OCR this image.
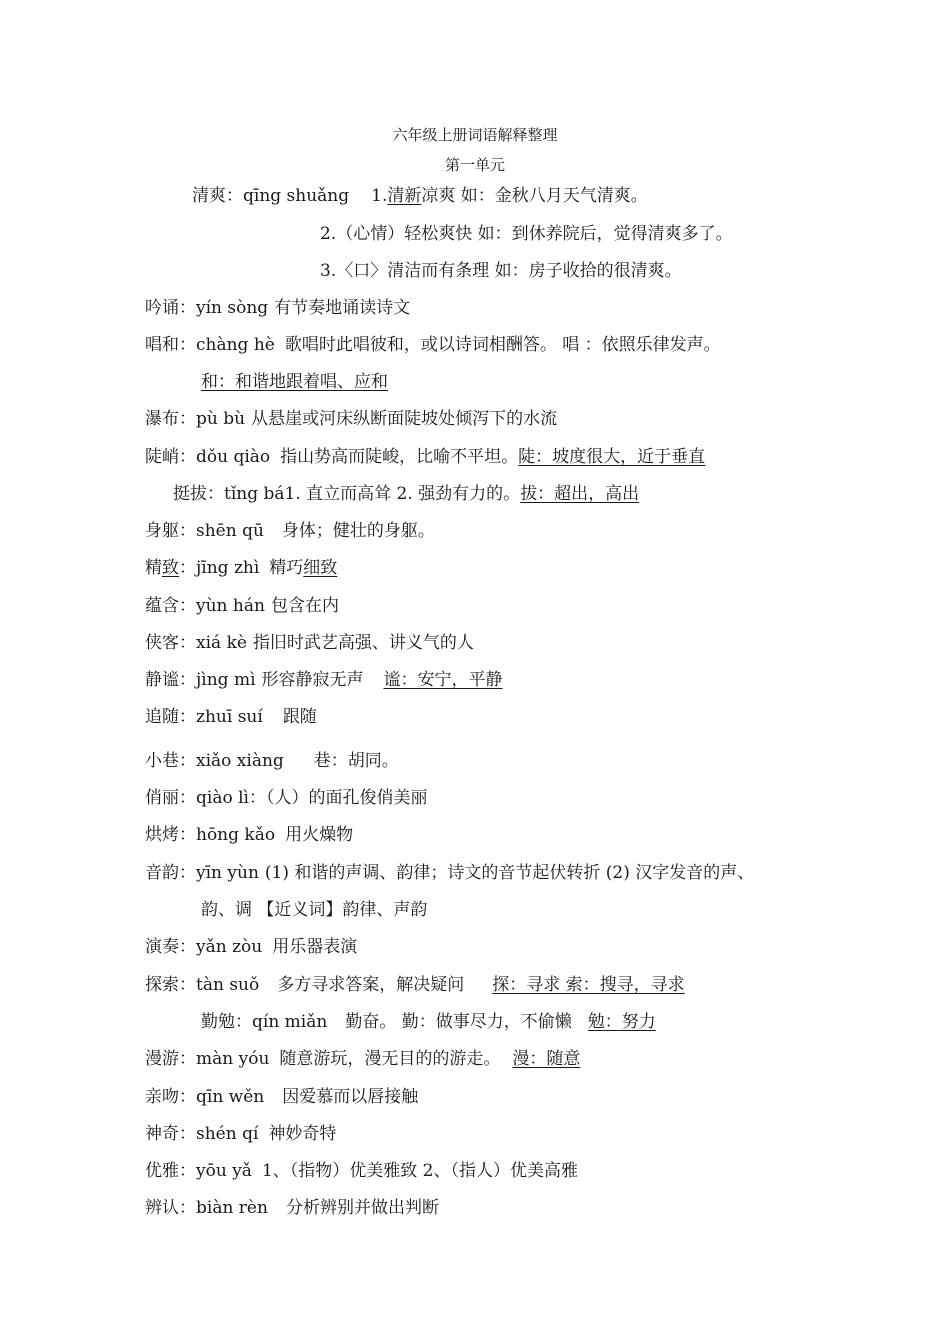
六年级上册词语解释整理
第一单元
清爽：qīng shuǎng 1.清新凉爽 如：金秋八月天气清爽。
2.（心情）轻松爽快 如：到休养院后，觉得清爽多了。
3.〈口〉清洁而有条理 如：房子收拾的很清爽。
吟诵：yín sòng 有节奏地诵读诗文
唱和：chàng hè 歌唱时此唱彼和，或以诗词相酬答。 唱 ：依照乐律发声。
和：和谐地跟着唱、应和
瀑布：pù bù 从悬崖或河床纵断面陡坡处倾泻下的水流
陡峭：dǒu qiào 指山势高而陡峻，比喻不平坦。陡：坡度很大，近于垂直
挺拔：tǐng bá1. 直立而高耸 2. 强劲有力的。拔：超出，高出
身躯：shēn qū 身体；健壮的身躯。
精致：jīng zhì 精巧细致
蕴含：yùn hán 包含在内
侠客：xiá kè 指旧时武艺高强、讲义气的人
静谧：jìng mì 形容静寂无声 谧：安宁，平静
追随：zhuī suí 跟随
小巷：xiǎo xiàng 巷：胡同。
俏丽：qiào lì：（人）的面孔俊俏美丽
烘烤：hōng kǎo 用火燥物
音韵：yīn yùn (1) 和谐的声调、韵律；诗文的音节起伏转折 (2) 汉字发音的声、
韵、调 【近义词】韵律、声韵
演奏：yǎn zòu 用乐器表演
探索：tàn suǒ 多方寻求答案，解决疑问 探：寻求 索：搜寻，寻求
勤勉：qín miǎn 勤奋。 勤：做事尽力，不偷懒 勉：努力
漫游：màn yóu 随意游玩，漫无目的的游走。 漫：随意
亲吻：qīn wěn 因爱慕而以唇接触
神奇：shén qí 神妙奇特
优雅：yōu yǎ 1、（指物）优美雅致 2、（指人）优美高雅
辨认：biàn rèn 分析辨别并做出判断
